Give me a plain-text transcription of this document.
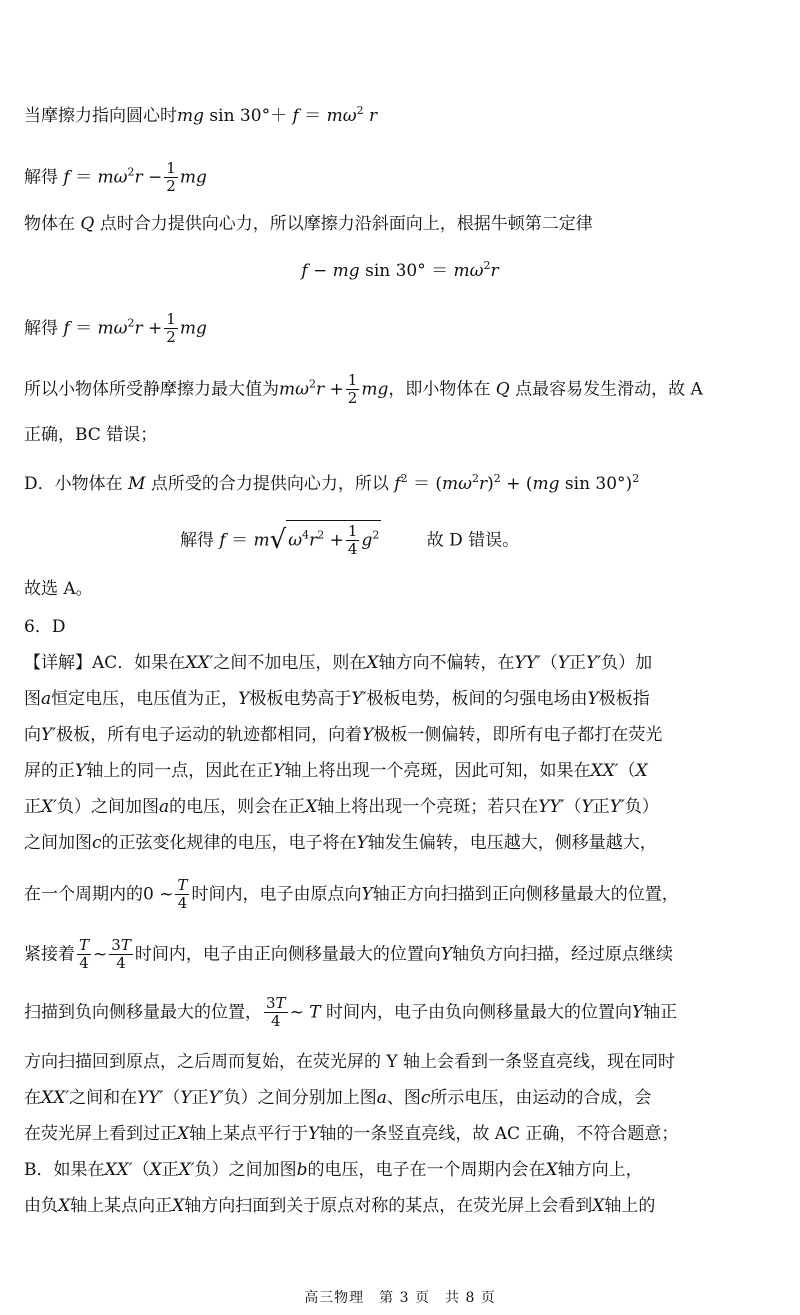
当摩擦力指向圆心时mg $\sin 30^\circ+ f = m\omega^2$ r
解得 $f = m\omega^2r - \frac{1}{2}$ mg
物体在 Q 点时合力提供向心力，所以摩擦力沿斜面向上，根据牛顿第二定律
f − mg $\sin 30^\circ = m\omega^2r$
解得 $f = m\omega^2r + \frac{1}{2}$ mg
所以小物体所受静摩擦力最大值为$m\omega^2r + \frac{1}{2}$ mg，即小物体在 Q 点最容易发生滑动，故 A
正确，BC 错误；
D．小物体在 M 点所受的合力提供向心力，所以 $f^2 = (m\omega^2r)^2 + (mg$ sin 30°)$^2$
解得 f ＝ m√ $\omega^4r^2 + \frac{1}{4} g^2$	故 D 错误。
故选 A。
6．D
【详解】AC．如果在XX′之间不加电压，则在X轴方向不偏转，在YY′（Y正Y′负）加
图a恒定电压，电压值为正，Y极板电势高于Y′极板电势，板间的匀强电场由Y极板指
向Y′极板，所有电子运动的轨迹都相同，向着Y极板一侧偏转，即所有电子都打在荧光
屏的正Y轴上的同一点，因此在正Y轴上将出现一个亮斑，因此可知，如果在XX′（X
正X′负）之间加图a的电压，则会在正X轴上将出现一个亮斑；若只在YY′（Y正Y′负）
之间加图c的正弦变化规律的电压，电子将在Y轴发生偏转，电压越大，侧移量越大，
在一个周期内的0 ~ $\frac{T}{4}$ 时间内，电子由原点向Y轴正方向扫描到正向侧移量最大的位置，
紧接着 $\frac{T}{4}$ ~ $\frac{3T}{4}$ 时间内，电子由正向侧移量最大的位置向Y轴负方向扫描，经过原点继续
扫描到负向侧移量最大的位置， $\frac{3T}{4}$ ~ T 时间内，电子由负向侧移量最大的位置向Y轴正
方向扫描回到原点，之后周而复始，在荧光屏的 Y 轴上会看到一条竖直亮线，现在同时
在XX′之间和在YY′（Y正Y′负）之间分别加上图a、图c所示电压，由运动的合成，会
在荧光屏上看到过正X轴上某点平行于Y轴的一条竖直亮线，故 AC 正确，不符合题意；
B．如果在XX′（X正X′负）之间加图b的电压，电子在一个周期内会在X轴方向上，
由负X轴上某点向正X轴方向扫面到关于原点对称的某点，在荧光屏上会看到X轴上的
高三物理　第 3 页　共 8 页
